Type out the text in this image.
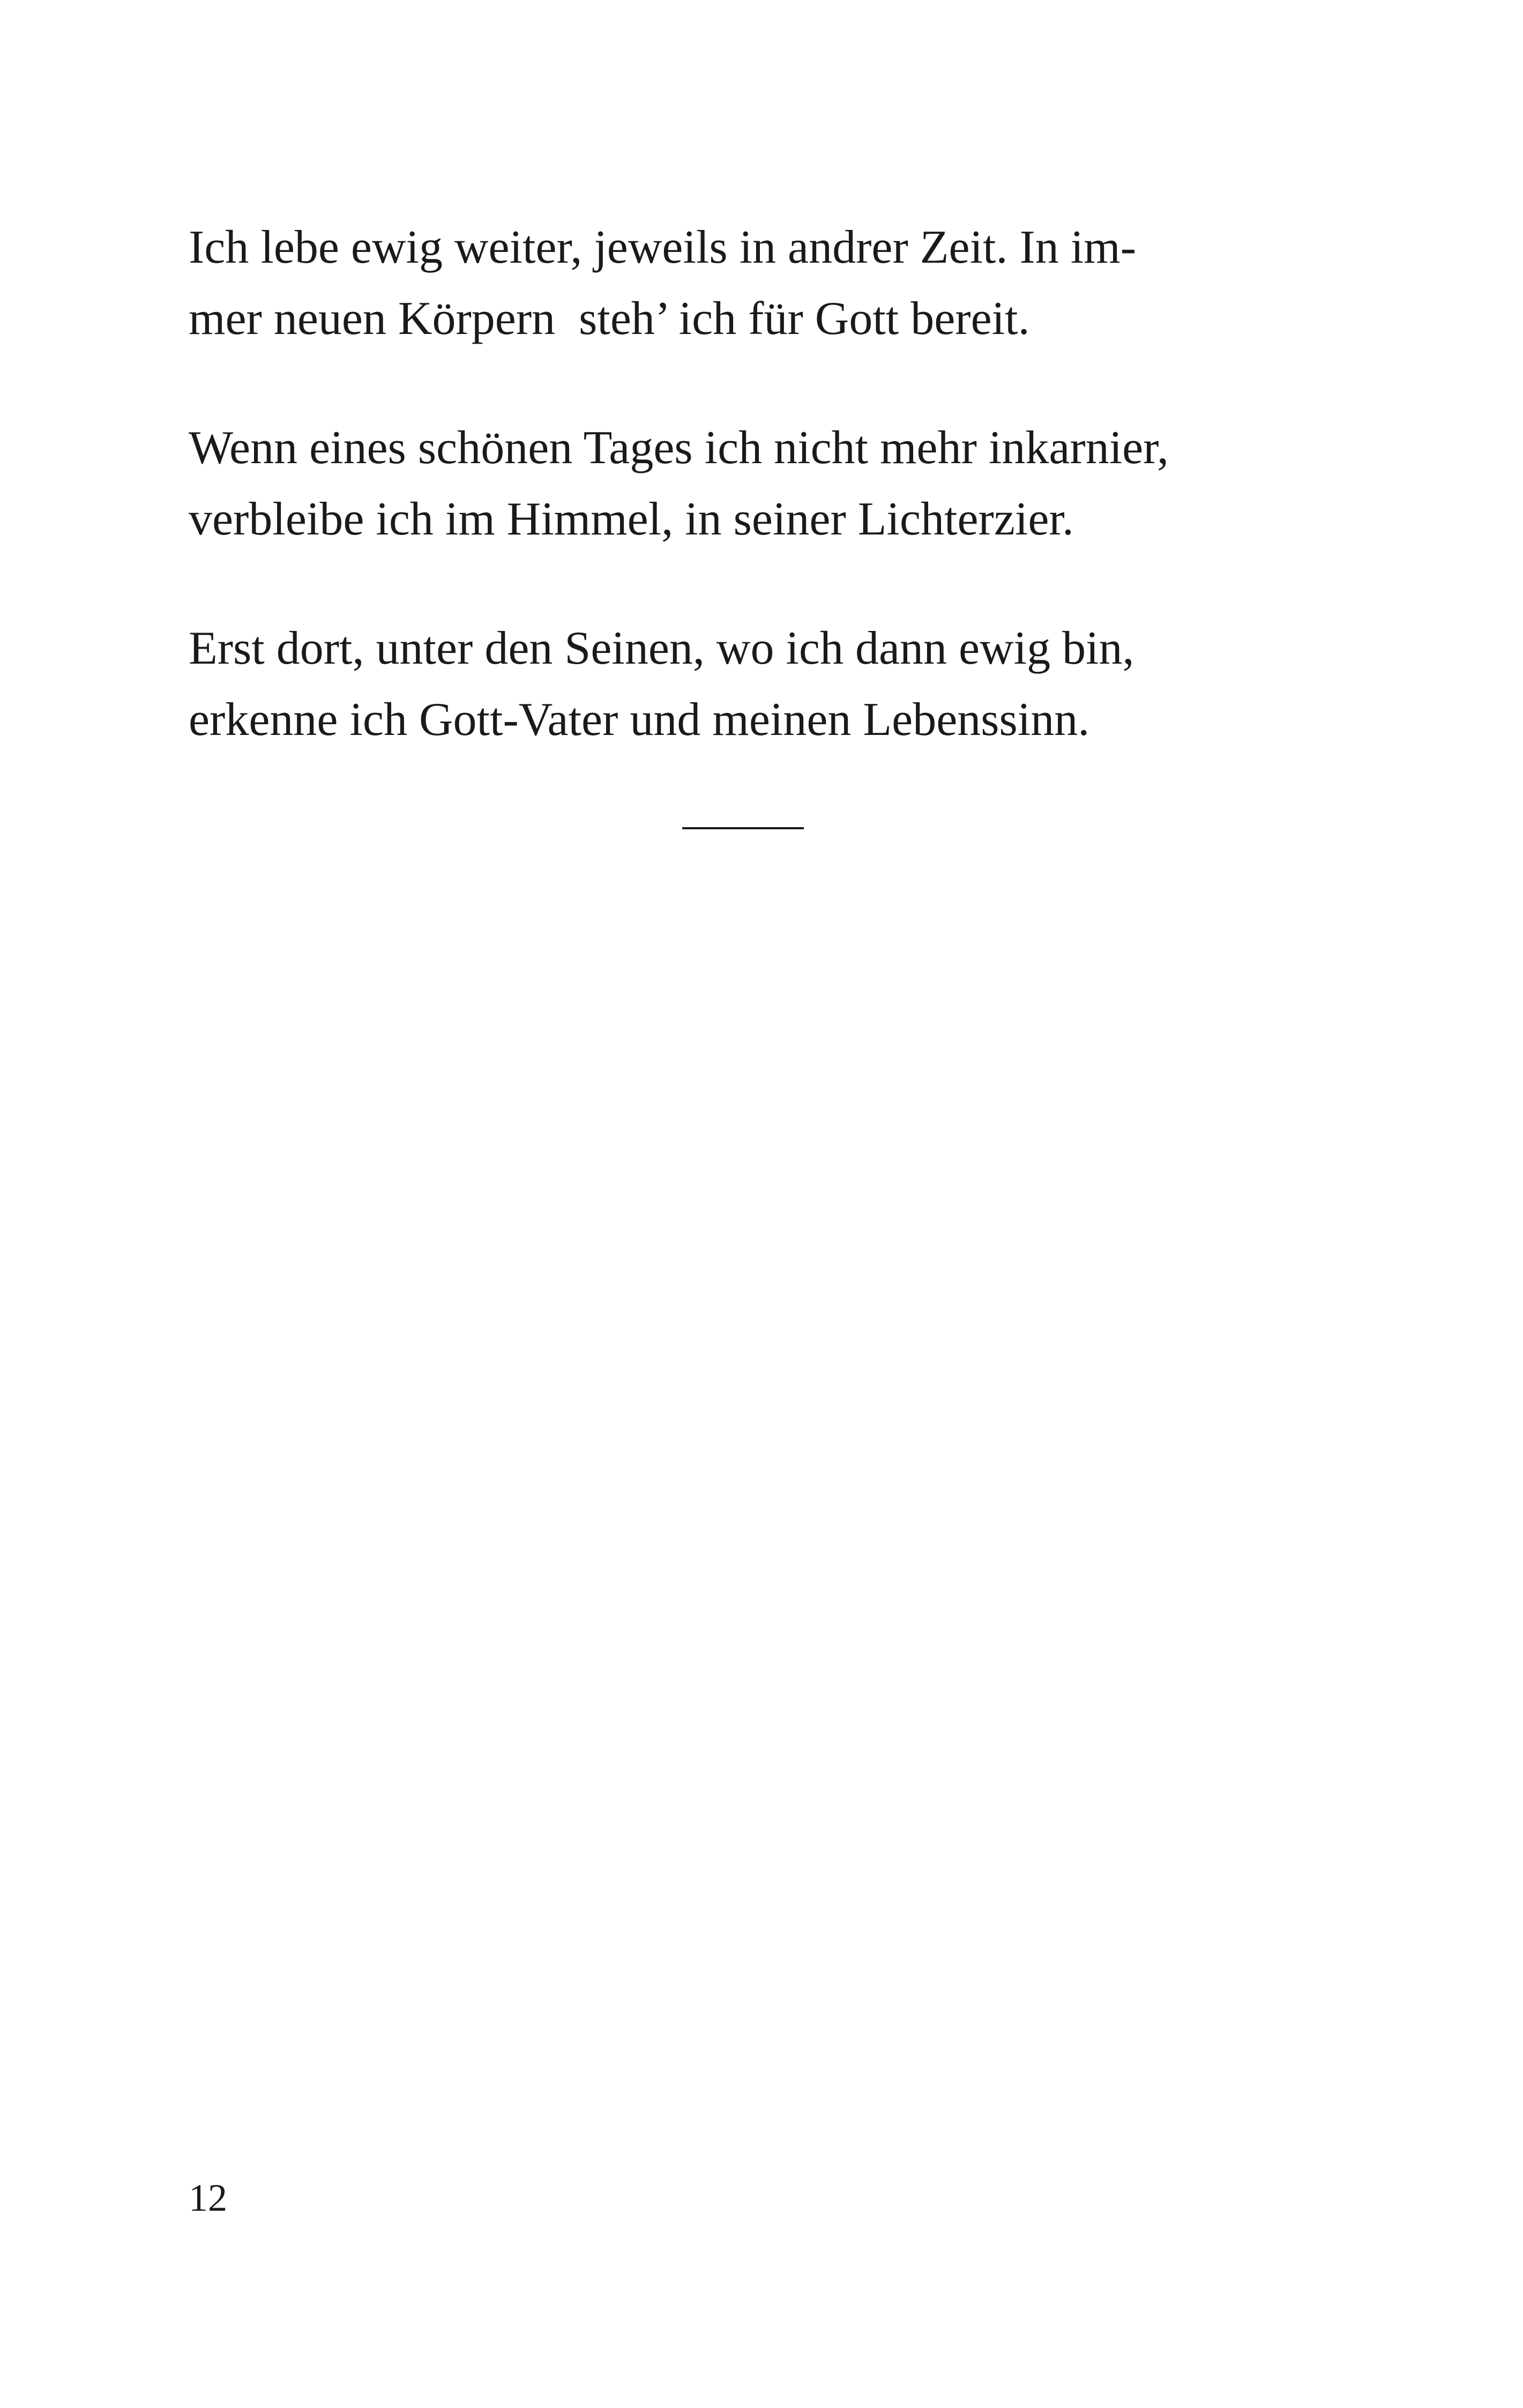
Ich lebe ewig weiter, jeweils in andrer Zeit. In im-
mer neuen Körpern  steh’ ich für Gott bereit.

Wenn eines schönen Tages ich nicht mehr inkarnier,
verbleibe ich im Himmel, in seiner Lichterzier.

Erst dort, unter den Seinen, wo ich dann ewig bin,
erkenne ich Gott-Vater und meinen Lebenssinn.

12
